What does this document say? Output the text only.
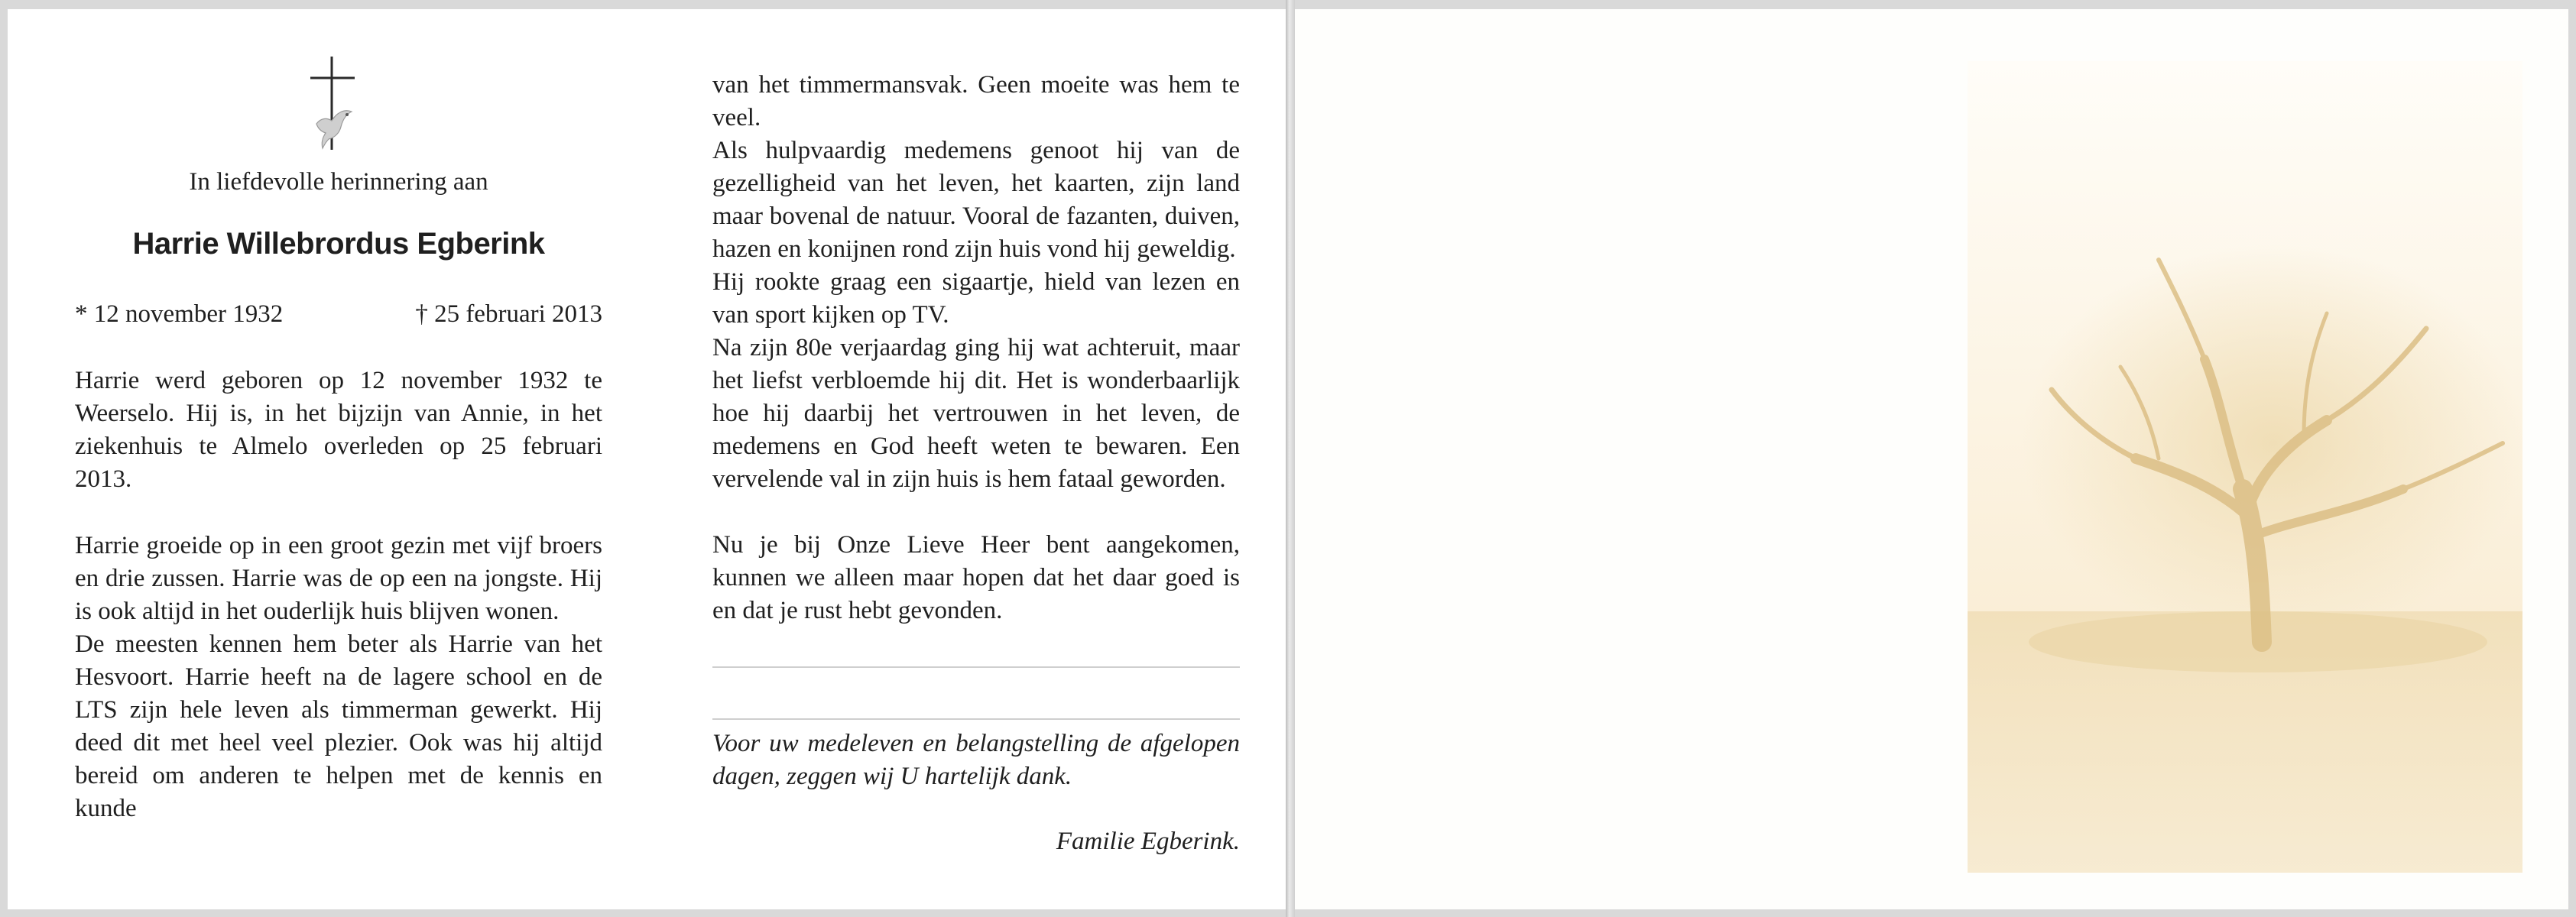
In liefdevolle herinnering aan
Harrie Willebrordus Egberink
* 12 november 1932	† 25 februari 2013

Harrie werd geboren op 12 november 1932 te Weerselo. Hij is, in het bijzijn van Annie, in het ziekenhuis te Almelo overleden op 25 februari 2013.

Harrie groeide op in een groot gezin met vijf broers en drie zussen. Harrie was de op een na jongste. Hij is ook altijd in het ouderlijk huis blijven wonen.

De meesten kennen hem beter als Harrie van het Hesvoort. Harrie heeft na de lagere school en de LTS zijn hele leven als timmerman gewerkt. Hij deed dit met heel veel plezier. Ook was hij altijd bereid om anderen te helpen met de kennis en kunde

van het timmermansvak. Geen moeite was hem te veel.

Als hulpvaardig medemens genoot hij van de gezelligheid van het leven, het kaarten, zijn land maar bovenal de natuur. Vooral de fazanten, duiven, hazen en konijnen rond zijn huis vond hij geweldig.

Hij rookte graag een sigaartje, hield van lezen en van sport kijken op TV.

Na zijn 80e verjaardag ging hij wat achteruit, maar het liefst verbloemde hij dit. Het is wonderbaarlijk hoe hij daarbij het vertrouwen in het leven, de medemens en God heeft weten te bewaren. Een vervelende val in zijn huis is hem fataal geworden.

Nu je bij Onze Lieve Heer bent aangekomen, kunnen we alleen maar hopen dat het daar goed is en dat je rust hebt gevonden.

Voor uw medeleven en belangstelling de afgelopen dagen, zeggen wij U hartelijk dank.
Familie Egberink.
